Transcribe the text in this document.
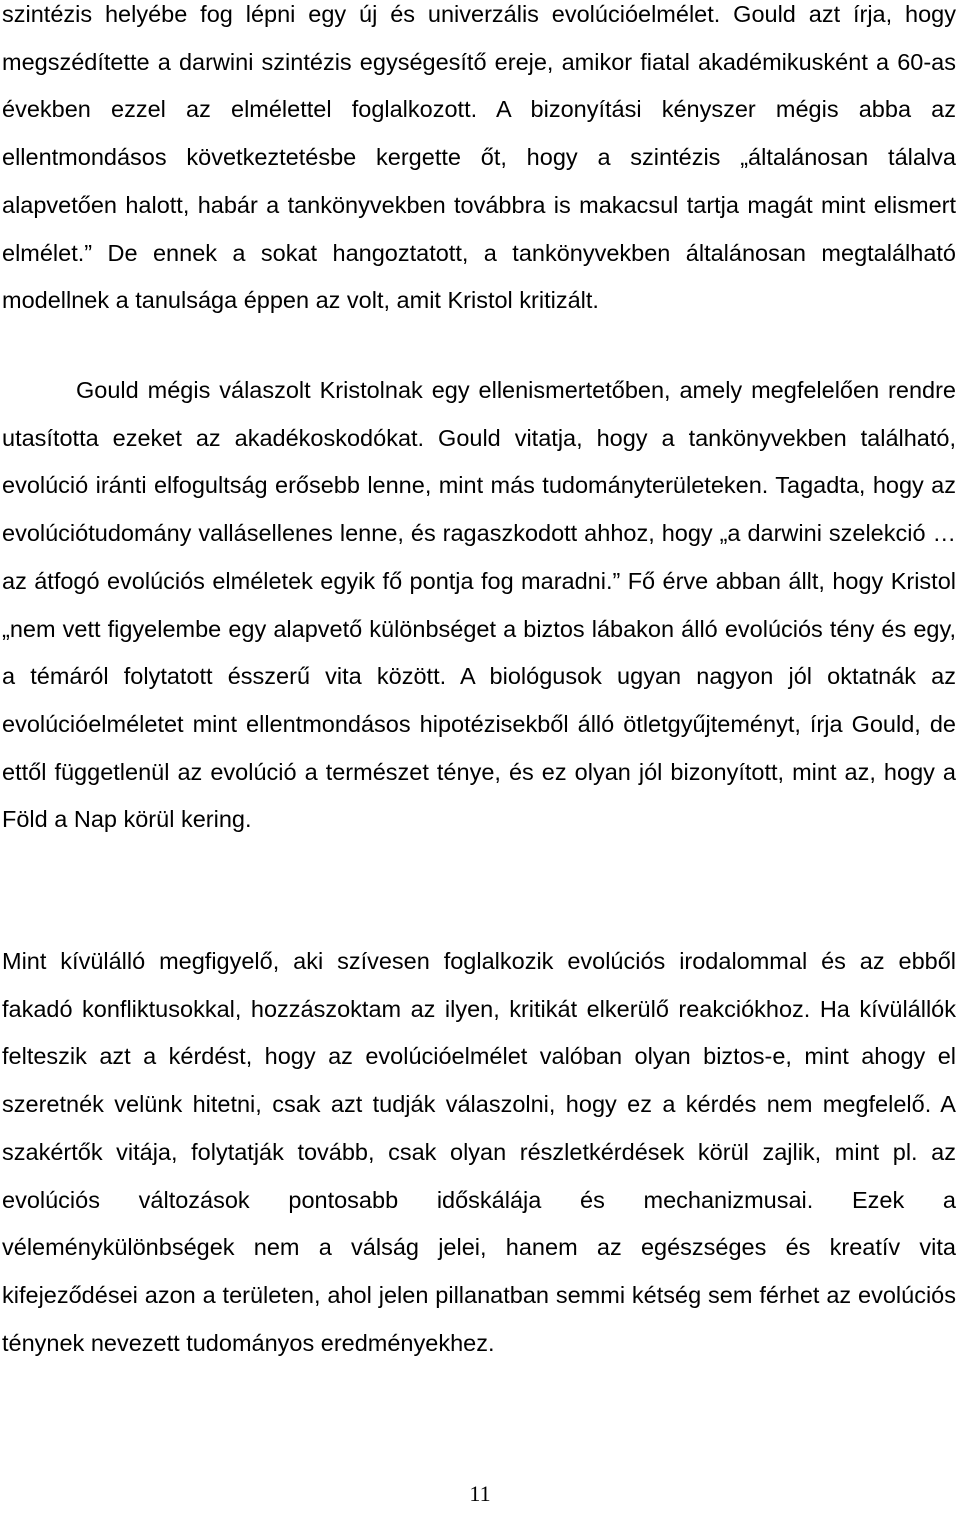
szintézis helyébe fog lépni egy új és univerzális evolúcióelmélet. Gould azt írja, hogy megszédítette a darwini szintézis egységesítő ereje, amikor fiatal akadémikusként a 60-as években ezzel az elmélettel foglalkozott. A bizonyítási kényszer mégis abba az ellentmondásos következtetésbe kergette őt, hogy a szintézis „általánosan tálalva alapvetően halott, habár a tankönyvekben továbbra is makacsul tartja magát mint elismert elmélet.” De ennek a sokat hangoztatott, a tankönyvekben általánosan megtalálható modellnek a tanulsága éppen az volt, amit Kristol kritizált.

Gould mégis válaszolt Kristolnak egy ellenismertetőben, amely megfelelően rendre utasította ezeket az akadékoskodókat. Gould vitatja, hogy a tankönyvekben található, evolúció iránti elfogultság erősebb lenne, mint más tudományterületeken. Tagadta, hogy az evolúciótudomány vallásellenes lenne, és ragaszkodott ahhoz, hogy „a darwini szelekció … az átfogó evolúciós elméletek egyik fő pontja fog maradni.” Fő érve abban állt, hogy Kristol „nem vett figyelembe egy alapvető különbséget a biztos lábakon álló evolúciós tény és egy, a témáról folytatott ésszerű vita között. A biológusok ugyan nagyon jól oktatnák az evolúcióelméletet mint ellentmondásos hipotézisekből álló ötletgyűjteményt, írja Gould, de ettől függetlenül az evolúció a természet ténye, és ez olyan jól bizonyított, mint az, hogy a Föld a Nap körül kering.

Mint kívülálló megfigyelő, aki szívesen foglalkozik evolúciós irodalommal és az ebből fakadó konfliktusokkal, hozzászoktam az ilyen, kritikát elkerülő reakciókhoz. Ha kívülállók felteszik azt a kérdést, hogy az evolúcióelmélet valóban olyan biztos-e, mint ahogy el szeretnék velünk hitetni, csak azt tudják válaszolni, hogy ez a kérdés nem megfelelő. A szakértők vitája, folytatják tovább, csak olyan részletkérdések körül zajlik, mint pl. az evolúciós változások pontosabb időskálája és mechanizmusai. Ezek a véleménykülönbségek nem a válság jelei, hanem az egészséges és kreatív vita kifejeződései azon a területen, ahol jelen pillanatban semmi kétség sem férhet az evolúciós ténynek nevezett tudományos eredményekhez.

11
